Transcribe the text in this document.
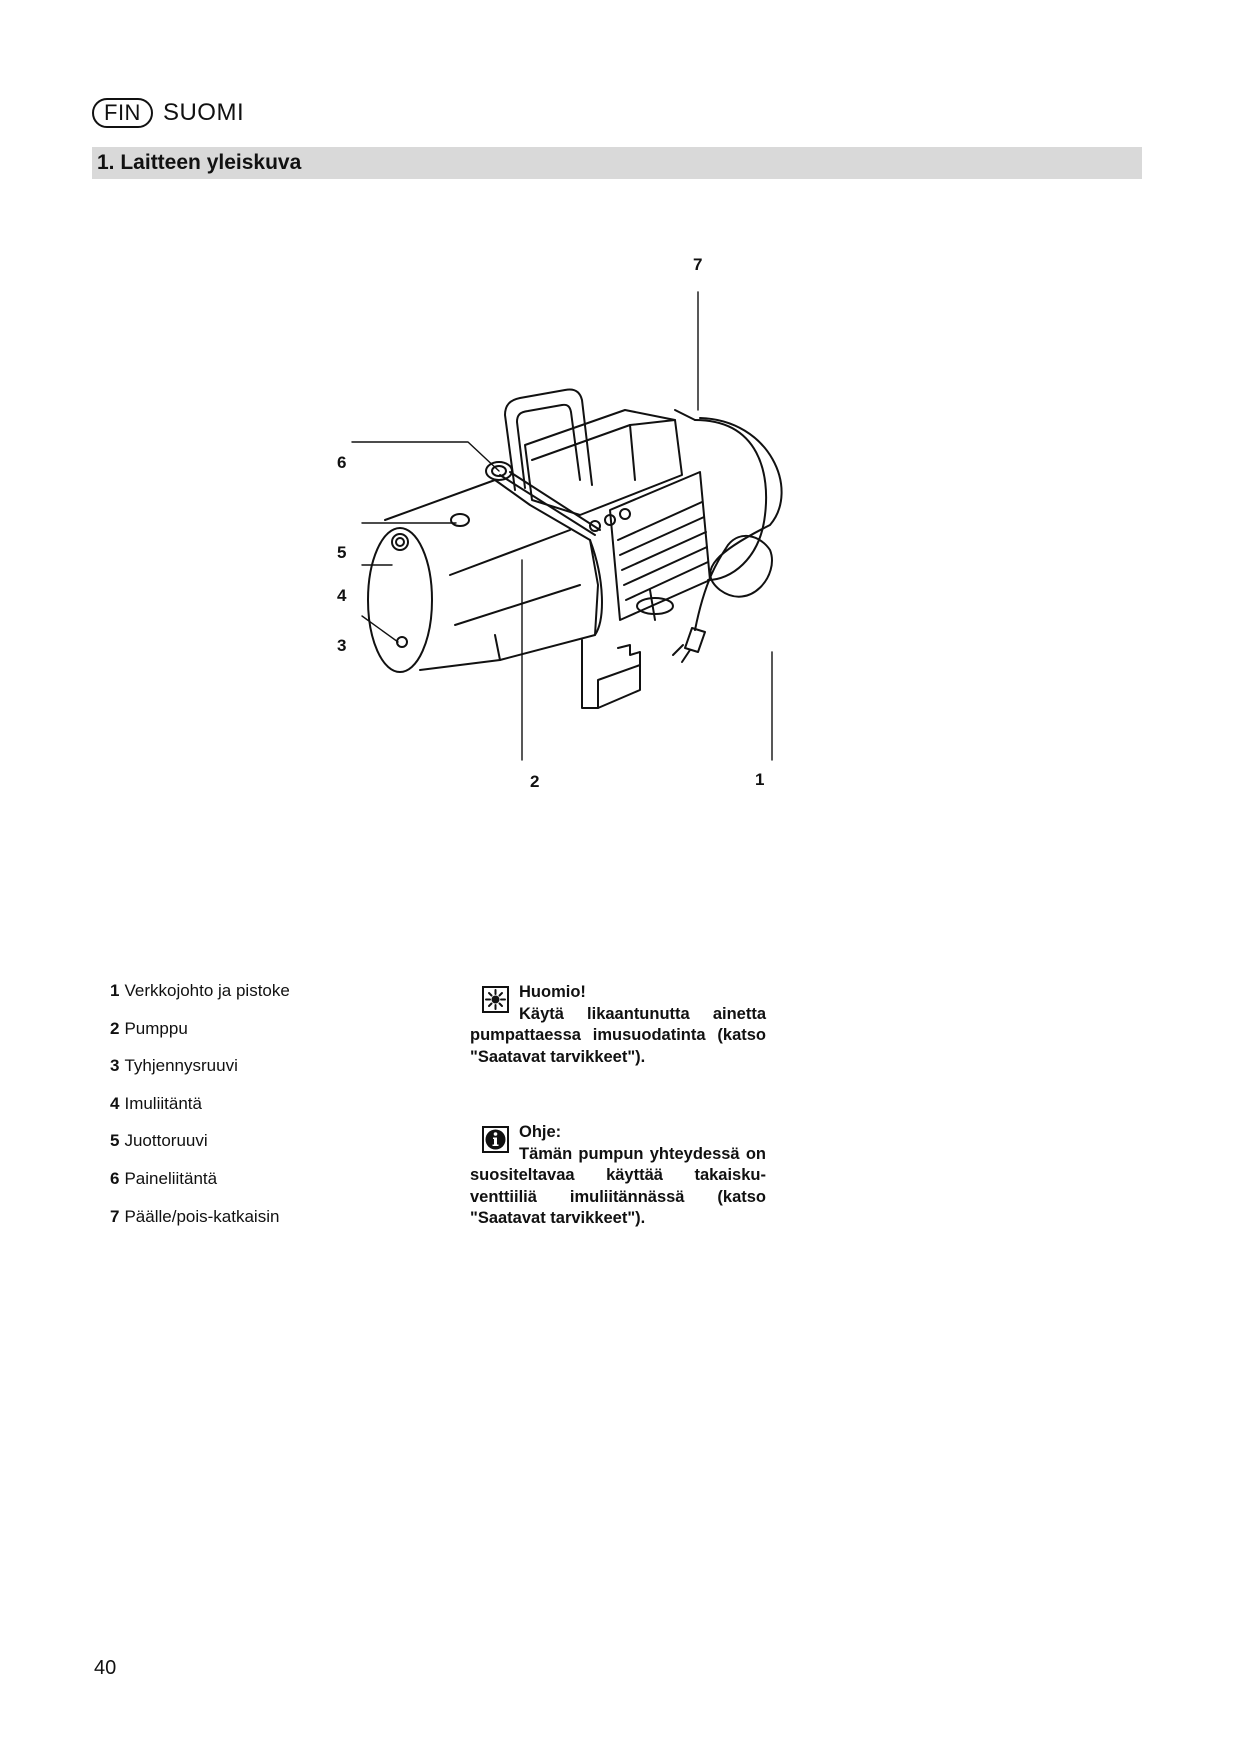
FIN SUOMI
1. Laitteen yleiskuva
7
6
5
4
3
2	1
1 Verkkojohto ja pistoke
2 Pumppu
3 Tyhjennysruuvi
4 Imuliitäntä
5 Juottoruuvi
6 Paineliitäntä
7 Päälle/pois-katkaisin
Huomio!
Käytä likaantunutta ainetta pumpattaessa imusuodatinta (katso "Saatavat tarvikkeet").
Ohje:
Tämän pumpun yhteydessä on suositeltavaa käyttää takaisku-venttiiliä imuliitännässä (katso "Saatavat tarvikkeet").
40
